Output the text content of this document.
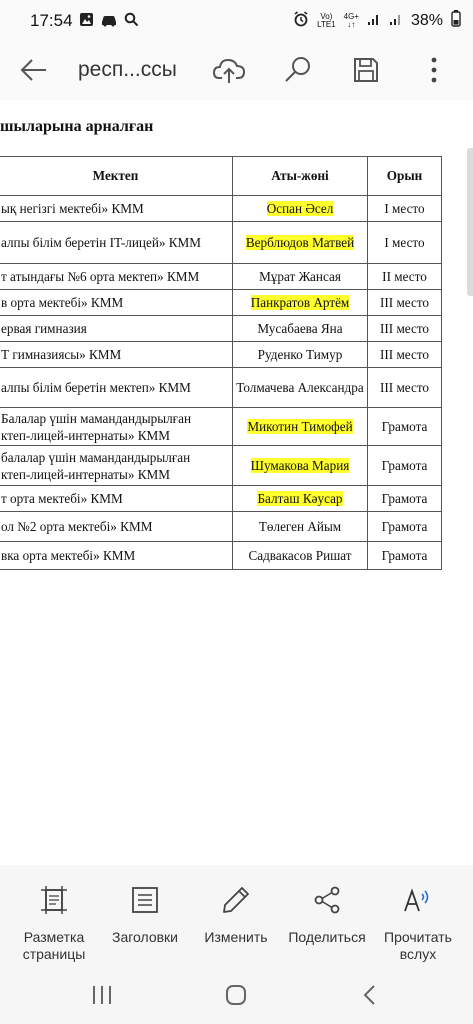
17:54	Vo)
LTE1
4G+
↓↑	38%
респ...ссы
шыларына арналған
Мектеп	Аты-жөні	Орын
ық негізгі мектебі» КММ	Оспан Әсел	I место
алпы білім беретін IT-лицей» КММ	Верблюдов Матвей	I место
т атындағы №6 орта мектеп» КММ	Мұрат Жансая	II место
в орта мектебі» КММ	Панкратов Артём	III место
ервая гимназия	Мусабаева Яна	III место
Т гимназиясы» КММ	Руденко Тимур	III место
алпы білім беретін мектеп» КММ	Толмачева Александра	III место
Балалар үшін мамандандырылған
ктеп-лицей-интернаты» КММ	Микотин Тимофей	Грамота
балалар үшін мамандандырылған
ктеп-лицей-интернаты» КММ	Шумакова Мария	Грамота
т орта мектебі» КММ	Балташ Кәусар	Грамота
ол №2 орта мектебі» КММ	Төлеген Айым	Грамота
вка орта мектебі» КММ	Садвакасов Ришат	Грамота
Разметка
страницы
Заголовки	Изменить	Поделиться	Прочитать
вслух
